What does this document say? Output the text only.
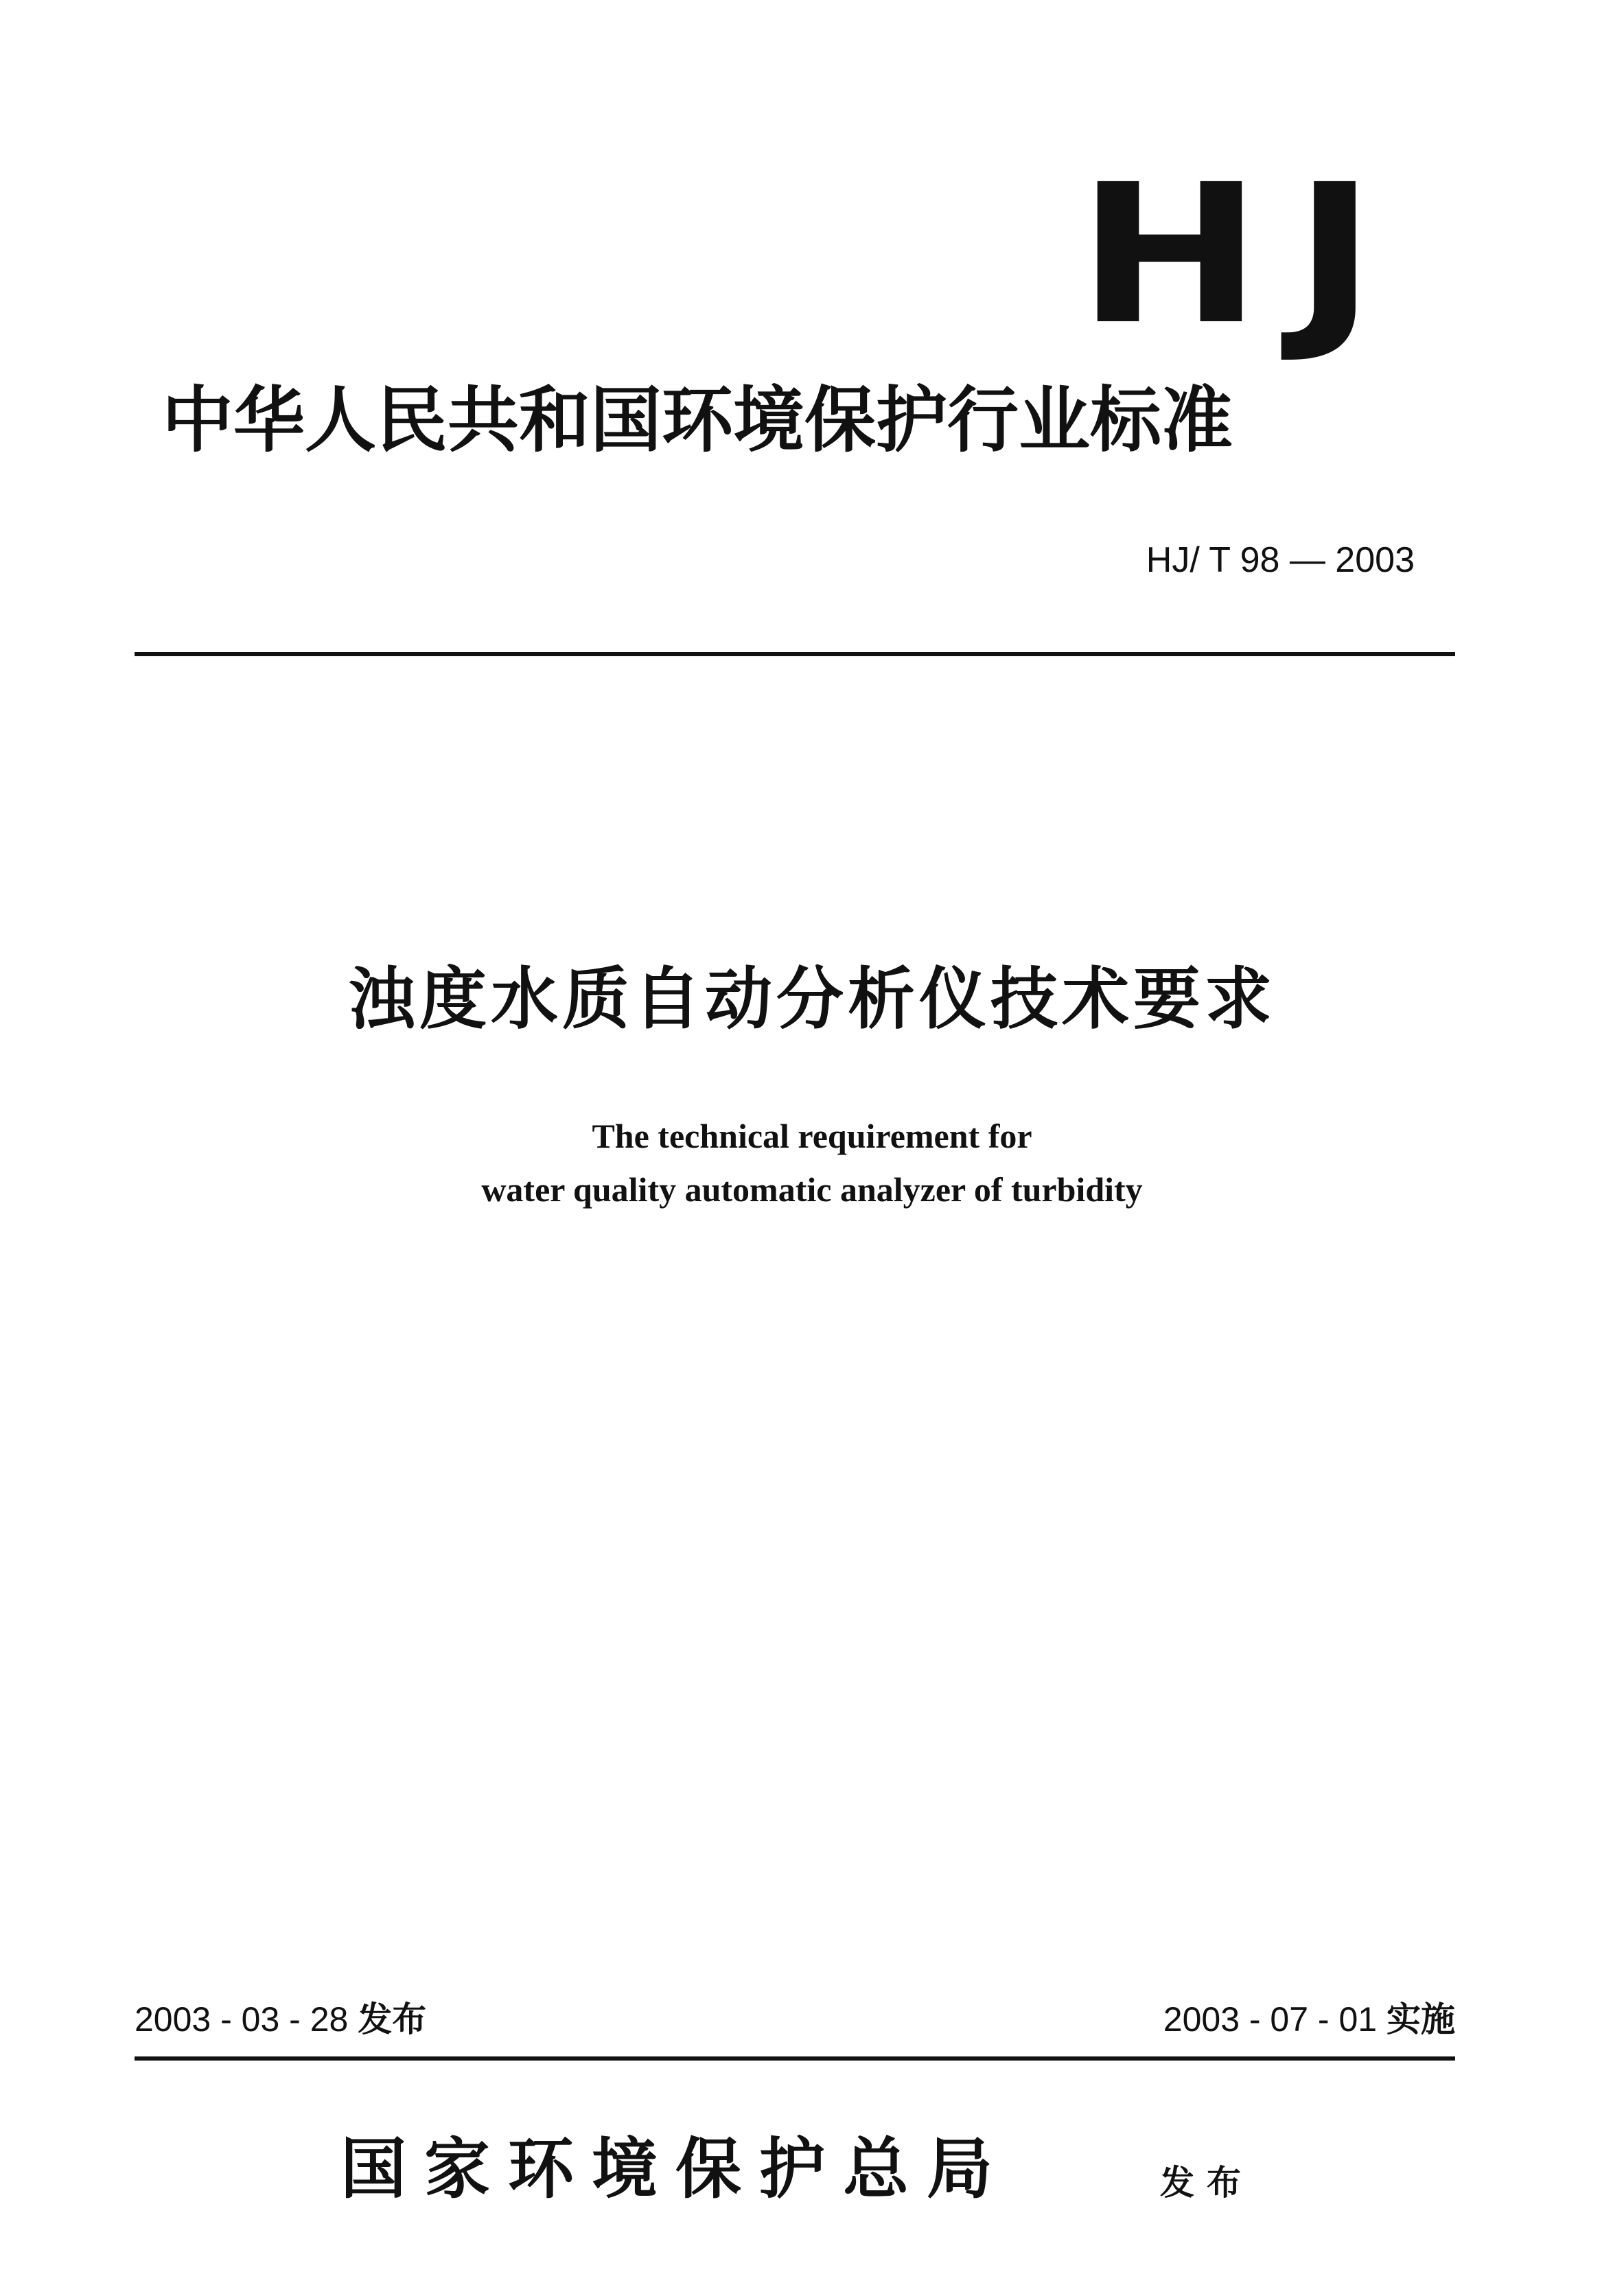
HJ
中华人民共和国环境保护行业标准
HJ/ T 98 — 2003
浊度水质自动分析仪技术要求
The technical requirement for
water quality automatic analyzer of turbidity
2003 - 03 - 28 发布	2003 - 07 - 01 实施
国家环境保护总局	发布
